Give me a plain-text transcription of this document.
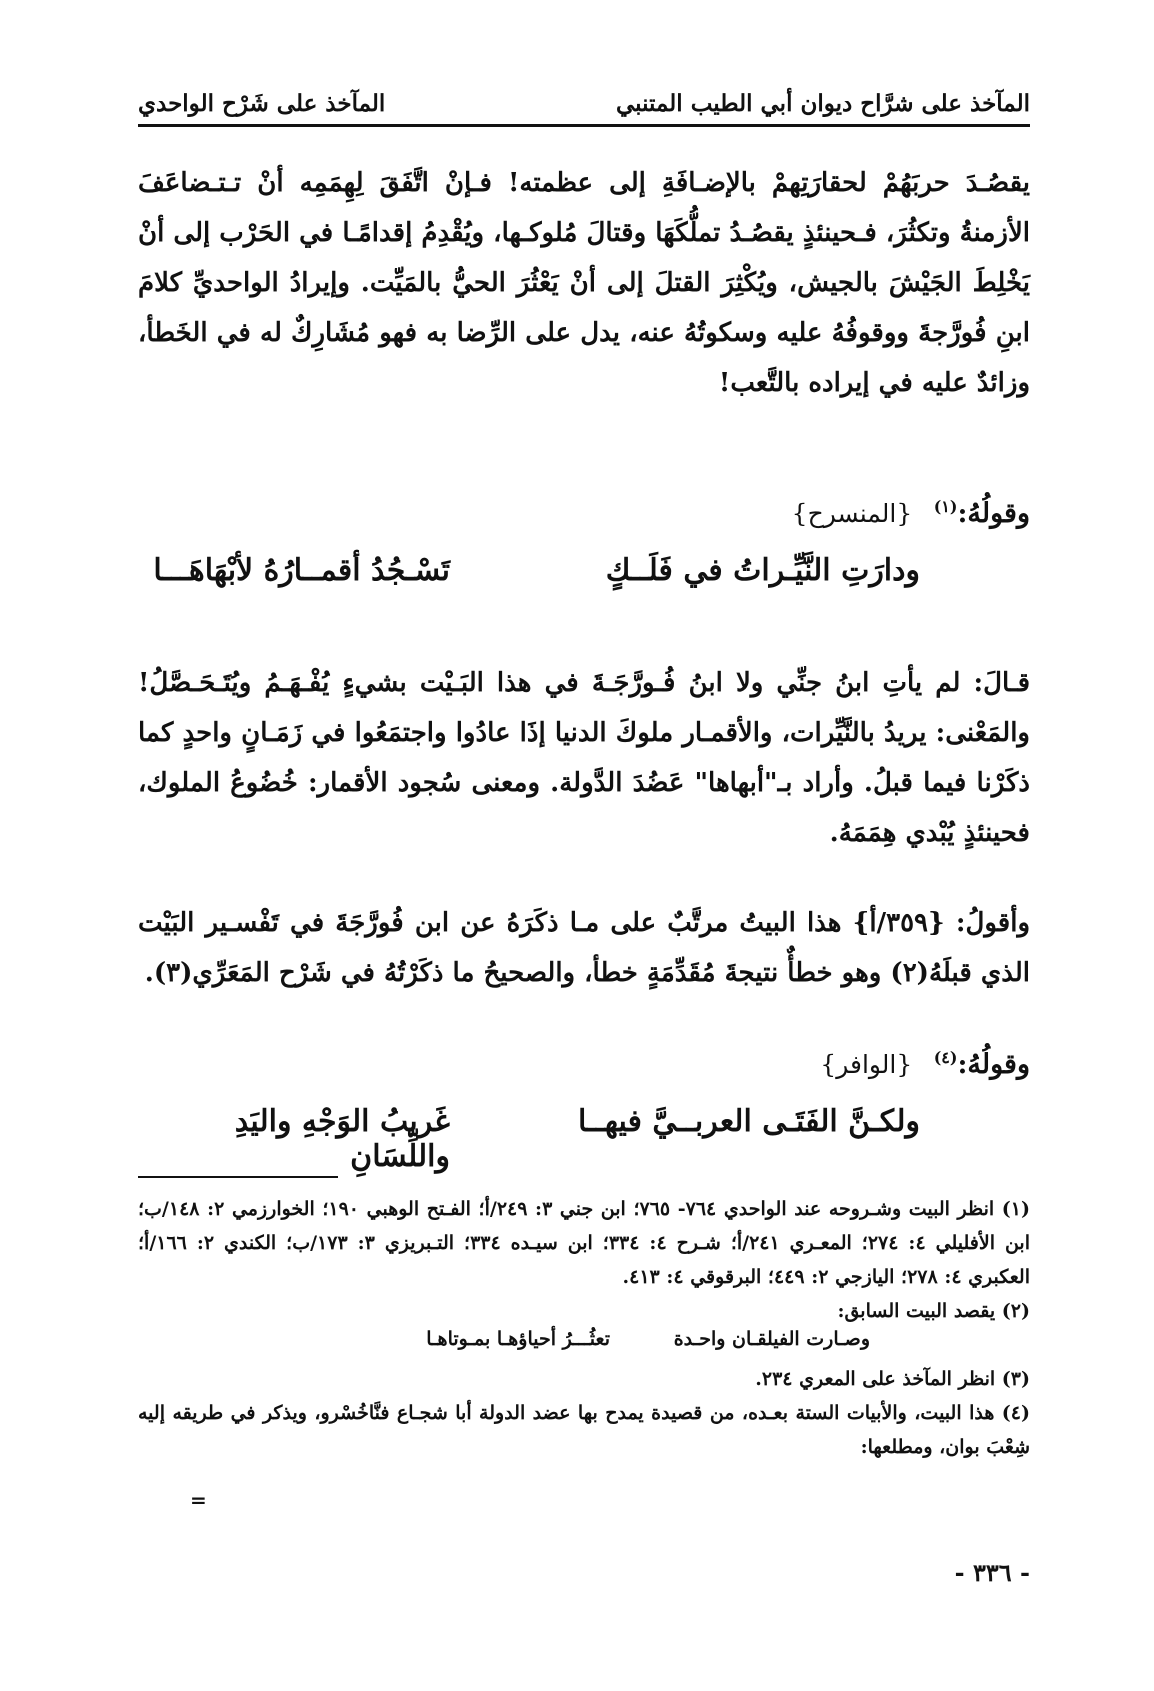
المآخذ على شرَّاح ديوان أبي الطيب المتنبي
المآخذ على شَرْح الواحدي

يقصُـدَ حربَهُمْ لحقارَتِهمْ بالإضـافَةِ إلى عظمته! فـإنْ اتَّفَقَ لِهِمَمِه أنْ تـتـضاعَفَ الأزمنةُ وتكثُرَ، فـحينئذٍ يقصُـدُ تملُّكَهَا وقتالَ مُلوكـها، ويُقْدِمُ إقدامًـا في الحَرْب إلى أنْ يَخْلِطَ الجَيْشَ بالجيش، ويُكْثِرَ القتلَ إلى أنْ يَعْثُرَ الحيُّ بالمَيِّت. وإيرادُ الواحديِّ كلامَ ابنِ فُورَّجةَ ووقوفُهُ عليه وسكوتُهُ عنه، يدل على الرِّضا به فهو مُشَارِكٌ له في الخَطأ، وزائدٌ عليه في إيراده بالتَّعب!

وقولُهُ:$^{(١)}$ {المنسرح}
ودارَتِ النَّيِّـراتُ في فَلَــكٍ
تَسْـجُدُ أقمــارُهُ لأبْهَاهَـــا

قـالَ: لم يأتِ ابنُ جنِّي ولا ابنُ فُـورَّجَـةَ في هذا البَـيْت بشيءٍ يُفْـهَـمُ ويُتَـحَـصَّلُ! والمَعْنى: يريدُ بالنَّيِّرات، والأقمـار ملوكَ الدنيا إذَا عادُوا واجتمَعُوا في زَمَـانٍ واحدٍ كما ذكَرْنا فيما قبلُ. وأراد بـ"أبهاها" عَضُدَ الدَّولة. ومعنى سُجود الأقمار: خُضُوعُ الملوك، فحينئذٍ يُبْدي هِمَمَهُ.

وأقولُ: {٣٥٩/أ} هذا البيتُ مرتَّبٌ على مـا ذكَرَهُ عن ابن فُورَّجَةَ في تَفْسـير البَيْت الذي قبلَهُ(٢) وهو خطأٌ نتيجةَ مُقَدِّمَةٍ خطأ، والصحيحُ ما ذكَرْتُهُ في شَرْح المَعَرِّي(٣).

وقولُهُ:$^{(٤)}$ {الوافر}
ولكـنَّ الفَتَـى العربــيَّ فيهــا
غَريبُ الوَجْهِ واليَدِ واللِّسَانِ

(١) انظر البيت وشـروحه عند الواحدي ٧٦٤- ٧٦٥؛ ابن جني ٣: ٢٤٩/أ؛ الفـتح الوهبي ١٩٠؛ الخوارزمي ٢: ١٤٨/ب؛ ابن الأفليلي ٤: ٢٧٤؛ المعـري ٢٤١/أ؛ شـرح ٤: ٣٣٤؛ ابن سيـده ٣٣٤؛ التـبريزي ٣: ١٧٣/ب؛ الكندي ٢: ١٦٦/أ؛ العكبري ٤: ٢٧٨؛ اليازجي ٢: ٤٤٩؛ البرقوقي ٤: ٤١٣.

(٢) يقصد البيت السابق:

وصـارت الفيلقـان واحـدة
تعثُـــرُ أحياؤهـا بمـوتاهـا

(٣) انظر المآخذ على المعري ٢٣٤.

(٤) هذا البيت، والأبيات الستة بعـده، من قصيدة يمدح بها عضد الدولة أبا شجـاع فنَّاخُسْرو، ويذكر في طريقه إليه شِعْبَ بوان، ومطلعها:

=
- ٣٣٦ -
